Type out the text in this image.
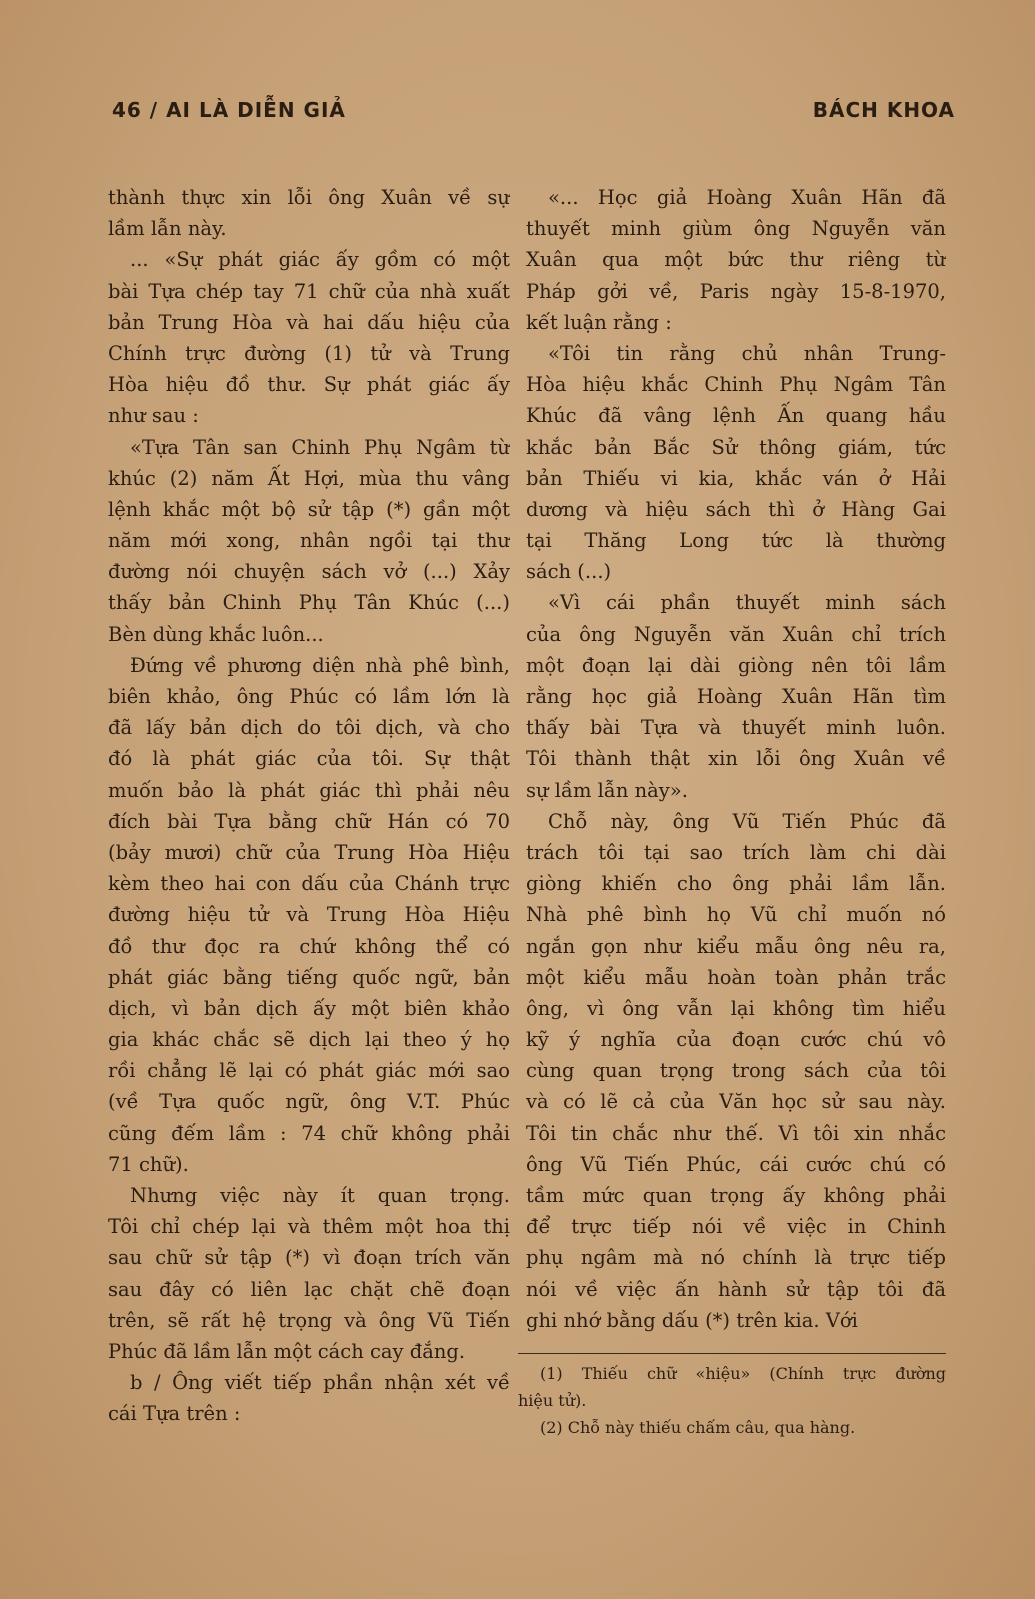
46 / AI LÀ DIỄN GIẢ	BÁCH KHOA
thành thực xin lỗi ông Xuân về sự
lầm lẫn này.
... «Sự phát giác ấy gồm có một
bài Tựa chép tay 71 chữ của nhà xuất
bản Trung Hòa và hai dấu hiệu của
Chính trực đường (1) tử và Trung
Hòa hiệu đồ thư. Sự phát giác ấy
như sau :
«Tựa Tân san Chinh Phụ Ngâm từ
khúc (2) năm Ất Hợi, mùa thu vâng
lệnh khắc một bộ sử tập (*) gần một
năm mới xong, nhân ngồi tại thư
đường nói chuyện sách vở (...) Xảy
thấy bản Chinh Phụ Tân Khúc (...)
Bèn dùng khắc luôn...
Đứng về phương diện nhà phê bình,
biên khảo, ông Phúc có lầm lớn là
đã lấy bản dịch do tôi dịch, và cho
đó là phát giác của tôi. Sự thật
muốn bảo là phát giác thì phải nêu
đích bài Tựa bằng chữ Hán có 70
(bảy mươi) chữ của Trung Hòa Hiệu
kèm theo hai con dấu của Chánh trực
đường hiệu tử và Trung Hòa Hiệu
đồ thư đọc ra chứ không thể có
phát giác bằng tiếng quốc ngữ, bản
dịch, vì bản dịch ấy một biên khảo
gia khác chắc sẽ dịch lại theo ý họ
rồi chẳng lẽ lại có phát giác mới sao
(về Tựa quốc ngữ, ông V.T. Phúc
cũng đếm lầm : 74 chữ không phải
71 chữ).
Nhưng việc này ít quan trọng.
Tôi chỉ chép lại và thêm một hoa thị
sau chữ sử tập (*) vì đoạn trích văn
sau đây có liên lạc chặt chẽ đoạn
trên, sẽ rất hệ trọng và ông Vũ Tiến
Phúc đã lầm lẫn một cách cay đắng.
b / Ông viết tiếp phần nhận xét về
cái Tựa trên :
«... Học giả Hoàng Xuân Hãn đã
thuyết minh giùm ông Nguyễn văn
Xuân qua một bức thư riêng từ
Pháp gởi về, Paris ngày 15-8-1970,
kết luận rằng :
«Tôi tin rằng chủ nhân Trung-
Hòa hiệu khắc Chinh Phụ Ngâm Tân
Khúc đã vâng lệnh Ấn quang hầu
khắc bản Bắc Sử thông giám, tức
bản Thiếu vi kia, khắc ván ở Hải
dương và hiệu sách thì ở Hàng Gai
tại Thăng Long tức là thường
sách (...)
«Vì cái phần thuyết minh sách
của ông Nguyễn văn Xuân chỉ trích
một đoạn lại dài giòng nên tôi lầm
rằng học giả Hoàng Xuân Hãn tìm
thấy bài Tựa và thuyết minh luôn.
Tôi thành thật xin lỗi ông Xuân về
sự lầm lẫn này».
Chỗ này, ông Vũ Tiến Phúc đã
trách tôi tại sao trích làm chi dài
giòng khiến cho ông phải lầm lẫn.
Nhà phê bình họ Vũ chỉ muốn nó
ngắn gọn như kiểu mẫu ông nêu ra,
một kiểu mẫu hoàn toàn phản trắc
ông, vì ông vẫn lại không tìm hiểu
kỹ ý nghĩa của đoạn cước chú vô
cùng quan trọng trong sách của tôi
và có lẽ cả của Văn học sử sau này.
Tôi tin chắc như thế. Vì tôi xin nhắc
ông Vũ Tiến Phúc, cái cước chú có
tầm mức quan trọng ấy không phải
để trực tiếp nói về việc in Chinh
phụ ngâm mà nó chính là trực tiếp
nói về việc ấn hành sử tập tôi đã
ghi nhớ bằng dấu (*) trên kia. Với
(1) Thiếu chữ «hiệu» (Chính trực đường
hiệu tử).
(2) Chỗ này thiếu chấm câu, qua hàng.
